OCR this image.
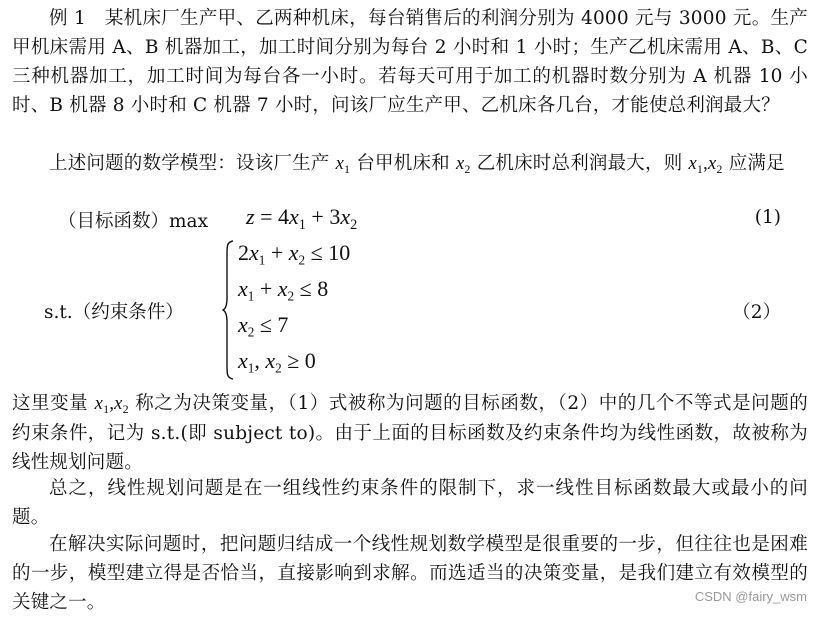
例 1　某机床厂生产甲、乙两种机床，每台销售后的利润分别为 4000 元与 3000 元。生产甲机床需用 A、B 机器加工，加工时间分别为每台 2 小时和 1 小时；生产乙机床需用 A、B、C 三种机器加工，加工时间为每台各一小时。若每天可用于加工的机器时数分别为 A 机器 10 小时、B 机器 8 小时和 C 机器 7 小时，问该厂应生产甲、乙机床各几台，才能使总利润最大？
上述问题的数学模型：设该厂生产 $x_1$ 台甲机床和 $x_2$ 乙机床时总利润最大，则 $x_1,x_2$ 应满足
（目标函数）max $z = 4x_1 + 3x_2$	(1)
s.t.（约束条件）
$2x_1 + x_2 \le 10$
$x_1 + x_2 \le 8$
$x_2 \le 7$
$x_1$, $x_2 \ge 0$
（2）
这里变量 $x_1,x_2$ 称之为决策变量，（1）式被称为问题的目标函数，（2）中的几个不等式是问题的约束条件，记为 s.t.(即 subject to)。由于上面的目标函数及约束条件均为线性函数，故被称为线性规划问题。
总之，线性规划问题是在一组线性约束条件的限制下，求一线性目标函数最大或最小的问题。
在解决实际问题时，把问题归结成一个线性规划数学模型是很重要的一步，但往往也是困难的一步，模型建立得是否恰当，直接影响到求解。而选适当的决策变量，是我们建立有效模型的关键之一。	CSDN @fairy_wsm
